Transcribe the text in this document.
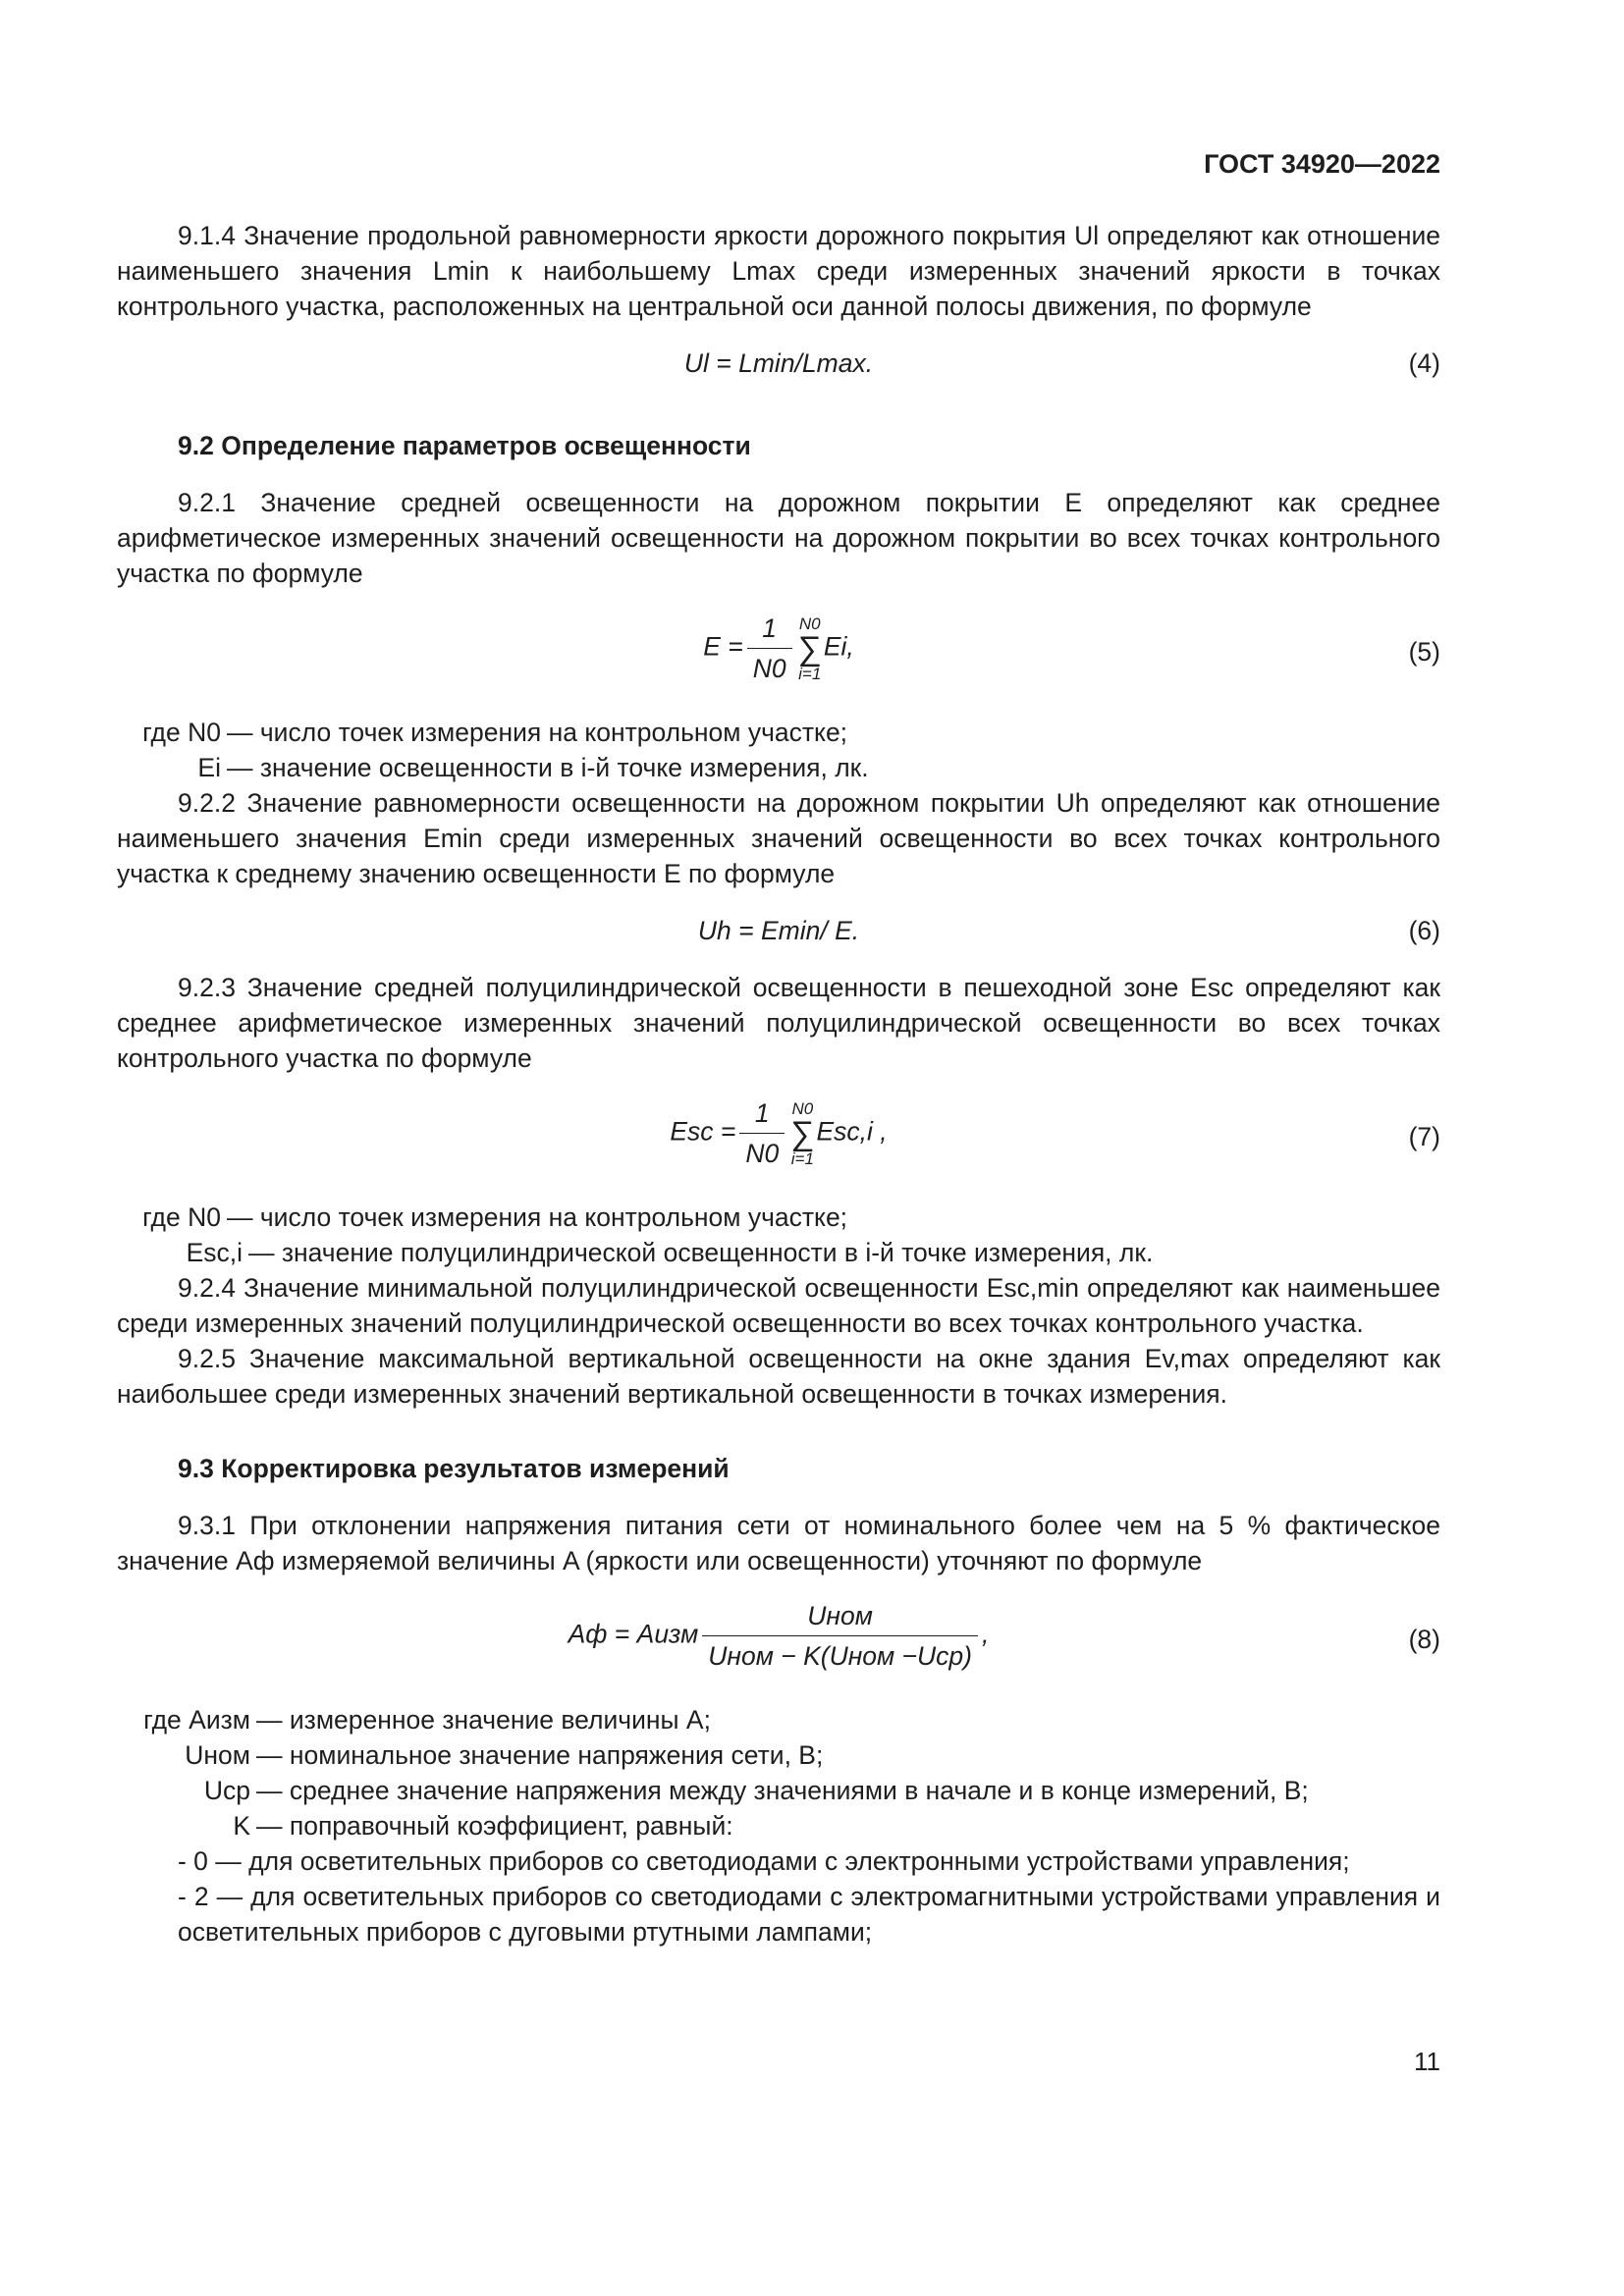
ГОСТ 34920—2022

9.1.4 Значение продольной равномерности яркости дорожного покрытия Ul определяют как отношение наименьшего значения Lmin к наибольшему Lmax среди измеренных значений яркости в точках контрольного участка, расположенных на центральной оси данной полосы движения, по формуле

Ul = Lmin/Lmax.	(4)

9.2 Определение параметров освещенности

9.2.1 Значение средней освещенности на дорожном покрытии E определяют как среднее арифметическое измеренных значений освещенности на дорожном покрытии во всех точках контрольного участка по формуле

$E = \frac{1}{N0} N0$
∑
i=1
Ei,	(5)
где N0 — число точек измерения на контрольном участке;
Ei — значение освещенности в i-й точке измерения, лк.

9.2.2 Значение равномерности освещенности на дорожном покрытии Uh определяют как отношение наименьшего значения Emin среди измеренных значений освещенности во всех точках контрольного участка к среднему значению освещенности E по формуле

Uh = Emin/ E.	(6)

9.2.3 Значение средней полуцилиндрической освещенности в пешеходной зоне Esc определяют как среднее арифметическое измеренных значений полуцилиндрической освещенности во всех точках контрольного участка по формуле

Esc = $\frac{1}{N0} N0$
∑
i=1
Esc,i ,	(7)
где N0 — число точек измерения на контрольном участке;
Esc,i — значение полуцилиндрической освещенности в i-й точке измерения, лк.

9.2.4 Значение минимальной полуцилиндрической освещенности Esc,min определяют как наименьшее среди измеренных значений полуцилиндрической освещенности во всех точках контрольного участка.

9.2.5 Значение максимальной вертикальной освещенности на окне здания Ev,max определяют как наибольшее среди измеренных значений вертикальной освещенности в точках измерения.

9.3 Корректировка результатов измерений

9.3.1 При отклонении напряжения питания сети от номинального более чем на 5 % фактическое значение Aф измеряемой величины A (яркости или освещенности) уточняют по формуле

Aф = Aизм $\frac{\text{Uном}}{\text{Uном − K(Uном −Uср)}}$ ,	(8)
где Aизм — измеренное значение величины A;
Uном — номинальное значение напряжения сети, В;
Uср — среднее значение напряжения между значениями в начале и в конце измерений, В;
K — поправочный коэффициент, равный:

- 0 — для осветительных приборов со светодиодами с электронными устройствами управления;

- 2 — для осветительных приборов со светодиодами с электромагнитными устройствами управления и осветительных приборов с дуговыми ртутными лампами;

11
